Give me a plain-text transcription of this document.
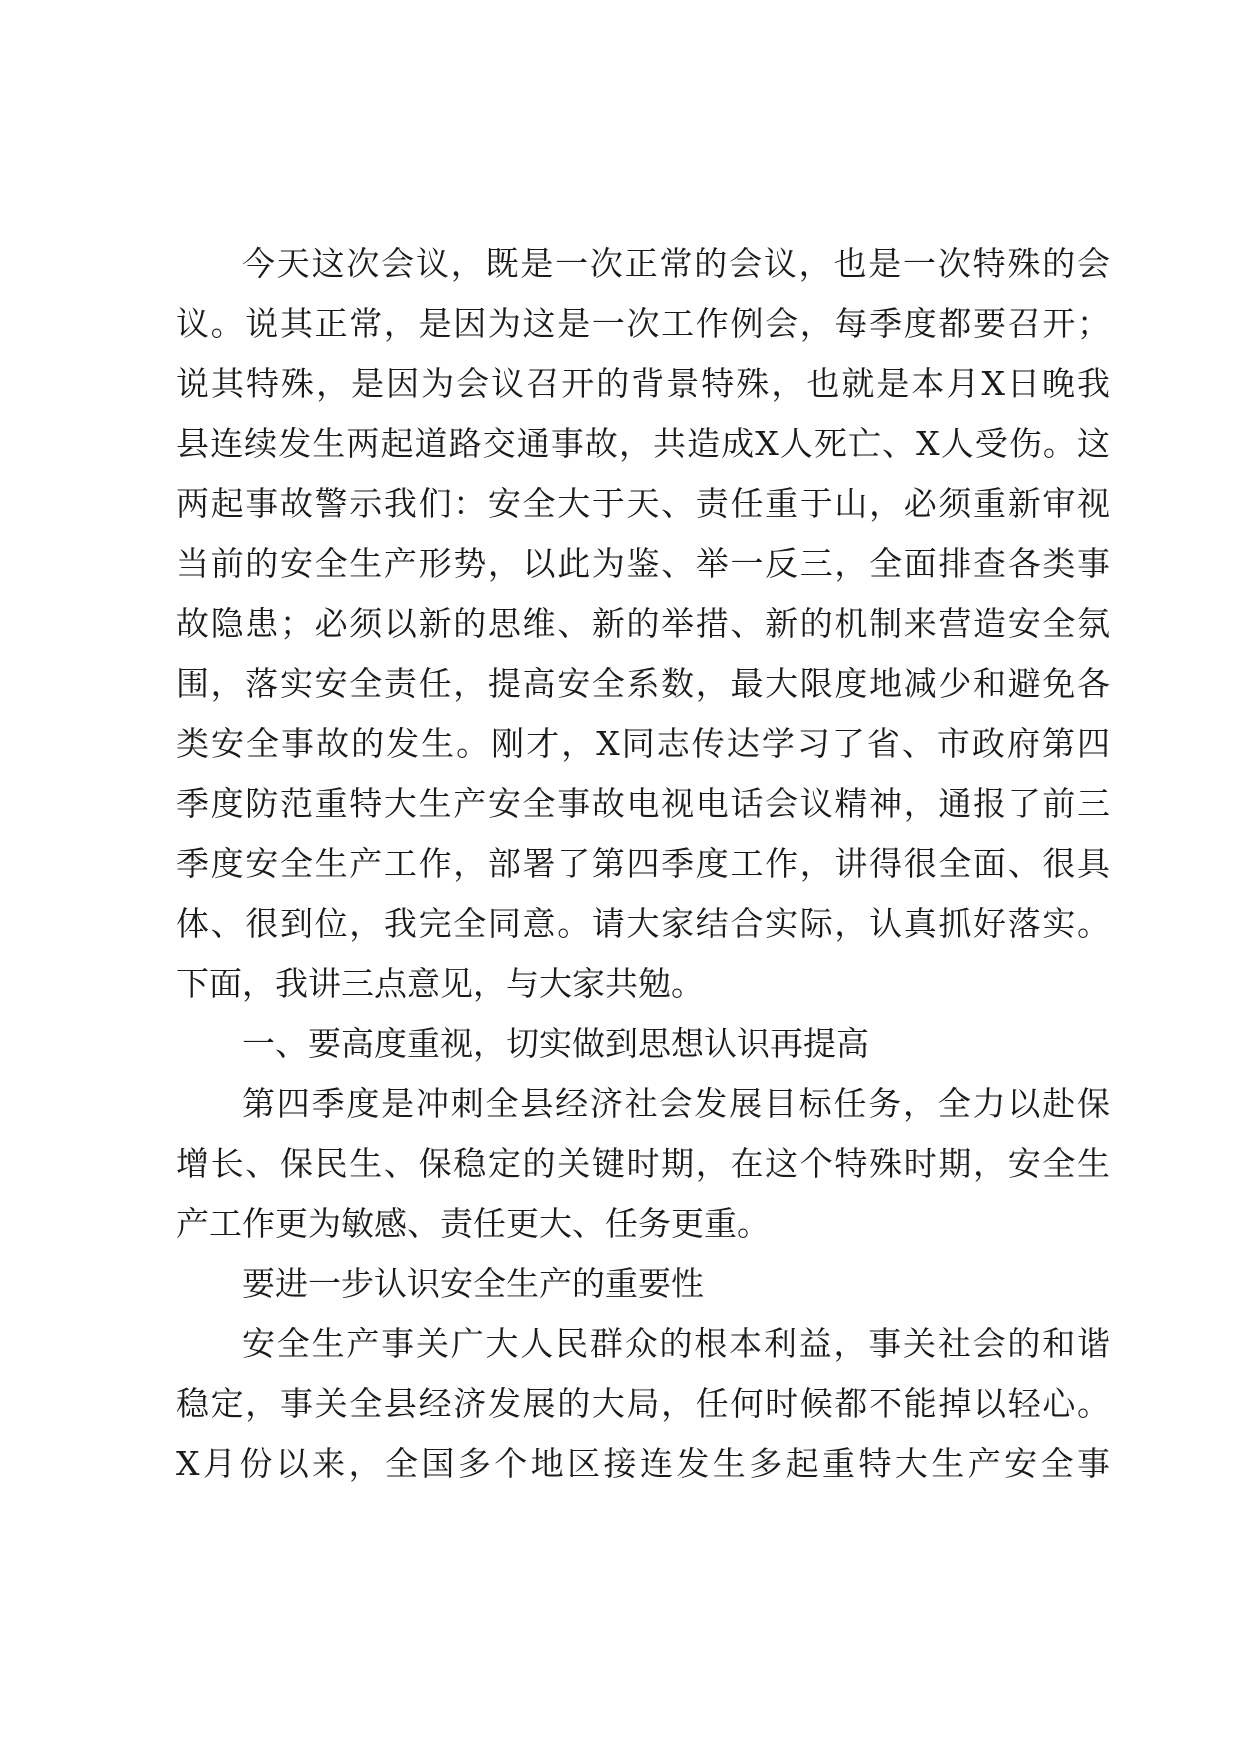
今天这次会议，既是一次正常的会议，也是一次特殊的会
议。说其正常，是因为这是一次工作例会，每季度都要召开；
说其特殊，是因为会议召开的背景特殊，也就是本月X日晚我
县连续发生两起道路交通事故，共造成X人死亡、X人受伤。这
两起事故警示我们：安全大于天、责任重于山，必须重新审视
当前的安全生产形势，以此为鉴、举一反三，全面排查各类事
故隐患；必须以新的思维、新的举措、新的机制来营造安全氛
围，落实安全责任，提高安全系数，最大限度地减少和避免各
类安全事故的发生。刚才，X同志传达学习了省、市政府第四
季度防范重特大生产安全事故电视电话会议精神，通报了前三
季度安全生产工作，部署了第四季度工作，讲得很全面、很具
体、很到位，我完全同意。请大家结合实际，认真抓好落实。
下面，我讲三点意见，与大家共勉。
一、要高度重视，切实做到思想认识再提高
第四季度是冲刺全县经济社会发展目标任务，全力以赴保
增长、保民生、保稳定的关键时期，在这个特殊时期，安全生
产工作更为敏感、责任更大、任务更重。
要进一步认识安全生产的重要性
安全生产事关广大人民群众的根本利益，事关社会的和谐
稳定，事关全县经济发展的大局，任何时候都不能掉以轻心。
X月份以来，全国多个地区接连发生多起重特大生产安全事
